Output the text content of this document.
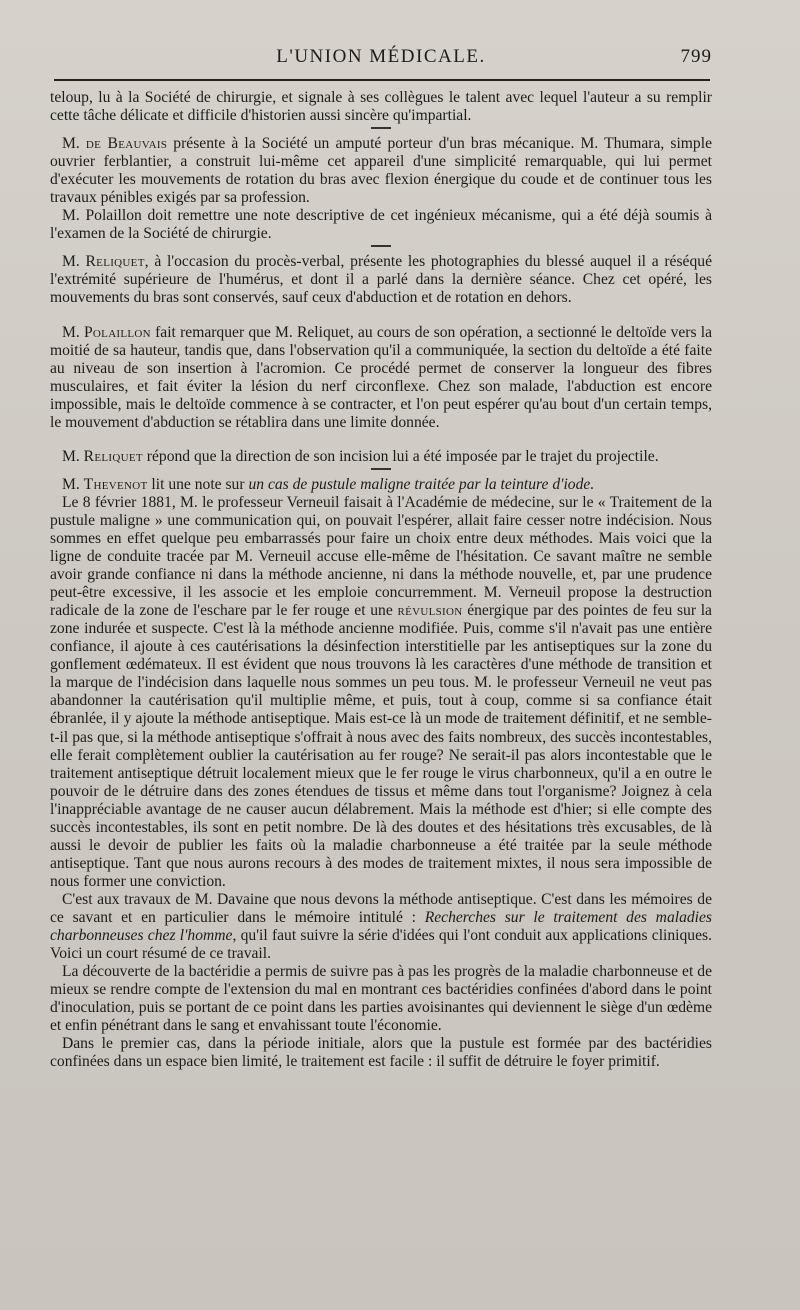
L'UNION MÉDICALE.	799

teloup, lu à la Société de chirurgie, et signale à ses collègues le talent avec lequel l'auteur a su remplir cette tâche délicate et difficile d'historien aussi sincère qu'impartial.

M. de Beauvais présente à la Société un amputé porteur d'un bras mécanique. M. Thumara, simple ouvrier ferblantier, a construit lui-même cet appareil d'une simplicité remarquable, qui lui permet d'exécuter les mouvements de rotation du bras avec flexion énergique du coude et de continuer tous les travaux pénibles exigés par sa profession.

M. Polaillon doit remettre une note descriptive de cet ingénieux mécanisme, qui a été déjà soumis à l'examen de la Société de chirurgie.

M. Reliquet, à l'occasion du procès-verbal, présente les photographies du blessé auquel il a réséqué l'extrémité supérieure de l'humérus, et dont il a parlé dans la dernière séance. Chez cet opéré, les mouvements du bras sont conservés, sauf ceux d'abduction et de rotation en dehors.

M. Polaillon fait remarquer que M. Reliquet, au cours de son opération, a sectionné le deltoïde vers la moitié de sa hauteur, tandis que, dans l'observation qu'il a communiquée, la section du deltoïde a été faite au niveau de son insertion à l'acromion. Ce procédé permet de conserver la longueur des fibres musculaires, et fait éviter la lésion du nerf circonflexe. Chez son malade, l'abduction est encore impossible, mais le deltoïde commence à se contracter, et l'on peut espérer qu'au bout d'un certain temps, le mouvement d'abduction se rétablira dans une limite donnée.

M. Reliquet répond que la direction de son incision lui a été imposée par le trajet du projectile.

M. Thevenot lit une note sur un cas de pustule maligne traitée par la teinture d'iode.

Le 8 février 1881, M. le professeur Verneuil faisait à l'Académie de médecine, sur le « Traitement de la pustule maligne » une communication qui, on pouvait l'espérer, allait faire cesser notre indécision. Nous sommes en effet quelque peu embarrassés pour faire un choix entre deux méthodes. Mais voici que la ligne de conduite tracée par M. Verneuil accuse elle-même de l'hésitation. Ce savant maître ne semble avoir grande confiance ni dans la méthode ancienne, ni dans la méthode nouvelle, et, par une prudence peut-être excessive, il les associe et les emploie concurremment. M. Verneuil propose la destruction radicale de la zone de l'eschare par le fer rouge et une révulsion énergique par des pointes de feu sur la zone indurée et suspecte. C'est là la méthode ancienne modifiée. Puis, comme s'il n'avait pas une entière confiance, il ajoute à ces cautérisations la désinfection interstitielle par les antiseptiques sur la zone du gonflement œdémateux. Il est évident que nous trouvons là les caractères d'une méthode de transition et la marque de l'indécision dans laquelle nous sommes un peu tous. M. le professeur Verneuil ne veut pas abandonner la cautérisation qu'il multiplie même, et puis, tout à coup, comme si sa confiance était ébranlée, il y ajoute la méthode antiseptique. Mais est-ce là un mode de traitement définitif, et ne semble-t-il pas que, si la méthode antiseptique s'offrait à nous avec des faits nombreux, des succès incontestables, elle ferait complètement oublier la cautérisation au fer rouge? Ne serait-il pas alors incontestable que le traitement antiseptique détruit localement mieux que le fer rouge le virus charbonneux, qu'il a en outre le pouvoir de le détruire dans des zones étendues de tissus et même dans tout l'organisme? Joignez à cela l'inappréciable avantage de ne causer aucun délabrement. Mais la méthode est d'hier; si elle compte des succès incontestables, ils sont en petit nombre. De là des doutes et des hésitations très excusables, de là aussi le devoir de publier les faits où la maladie charbonneuse a été traitée par la seule méthode antiseptique. Tant que nous aurons recours à des modes de traitement mixtes, il nous sera impossible de nous former une conviction.

C'est aux travaux de M. Davaine que nous devons la méthode antiseptique. C'est dans les mémoires de ce savant et en particulier dans le mémoire intitulé : Recherches sur le traitement des maladies charbonneuses chez l'homme, qu'il faut suivre la série d'idées qui l'ont conduit aux applications cliniques. Voici un court résumé de ce travail.

La découverte de la bactéridie a permis de suivre pas à pas les progrès de la maladie charbonneuse et de mieux se rendre compte de l'extension du mal en montrant ces bactéridies confinées d'abord dans le point d'inoculation, puis se portant de ce point dans les parties avoisinantes qui deviennent le siège d'un œdème et enfin pénétrant dans le sang et envahissant toute l'économie.

Dans le premier cas, dans la période initiale, alors que la pustule est formée par des bactéridies confinées dans un espace bien limité, le traitement est facile : il suffit de détruire le foyer primitif.
